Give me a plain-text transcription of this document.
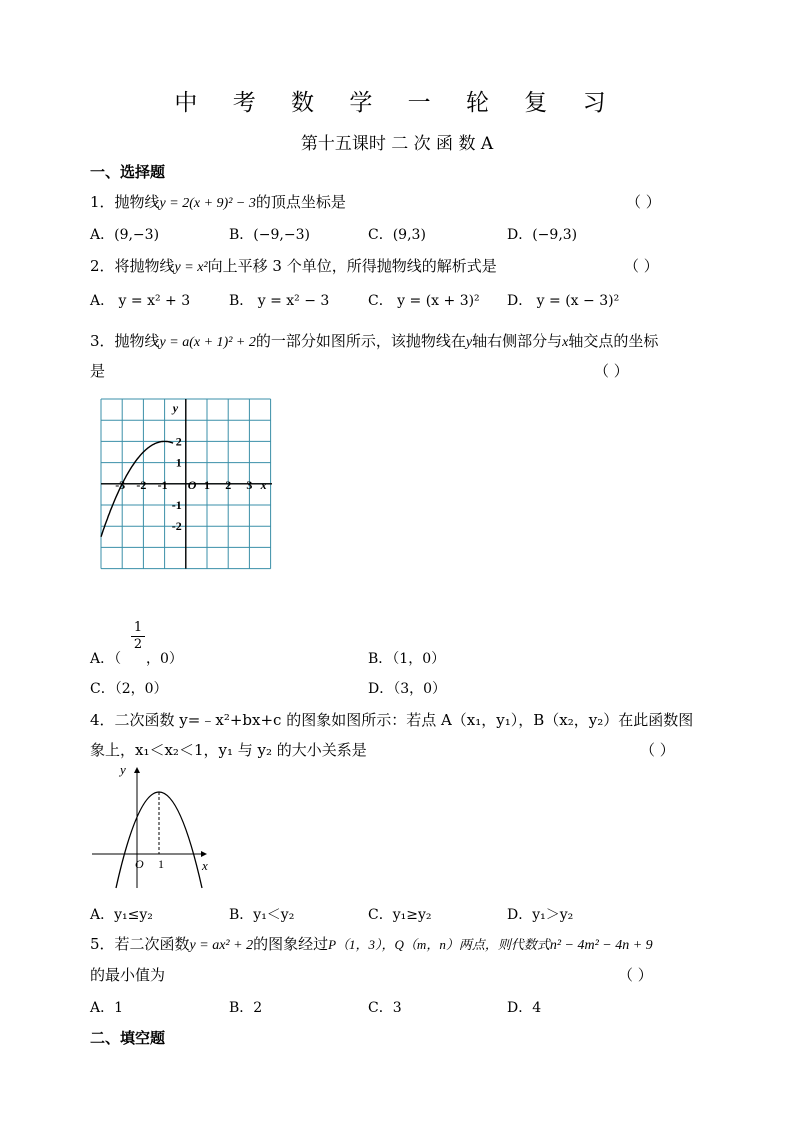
中 考 数 学 一 轮 复 习
第十五课时 二 次 函 数 A
一、选择题
1．抛物线y = 2(x + 9)² − 3的顶点坐标是	（ ）
A．(9,−3)	B．(−9,−3)	C．(9,3)	D．(−9,3)
2．将抛物线y = x²向上平移 3 个单位，所得抛物线的解析式是	（ ）
A． y = x² + 3	B． y = x² − 3	C． y = (x + 3)² D． y = (x − 3)²
3．抛物线y = a(x + 1)² + 2的一部分如图所示，该抛物线在y轴右侧部分与x轴交点的坐标
是	（ ）
-3 -2 -1 O 1 2 3
2
1
-1
-2
x
y
A．（
1
2
，0）	B．（1，0）
C．（2，0）	D．（3，0）
4．二次函数 y=﹣x²+bx+c 的图象如图所示：若点 A（x₁，y₁），B（x₂，y₂）在此函数图
象上，x₁＜x₂＜1，y₁ 与 y₂ 的大小关系是	（ ）
y
x
O 1
A．y₁≤y₂	B．y₁＜y₂	C．y₁≥y₂	D．y₁＞y₂
5．若二次函数y = ax² + 2的图象经过P（1，3），Q（m，n）两点，则代数式n² − 4m² − 4n + 9
的最小值为	（ ）
A．1	B．2	C．3	D．4
二、填空题
